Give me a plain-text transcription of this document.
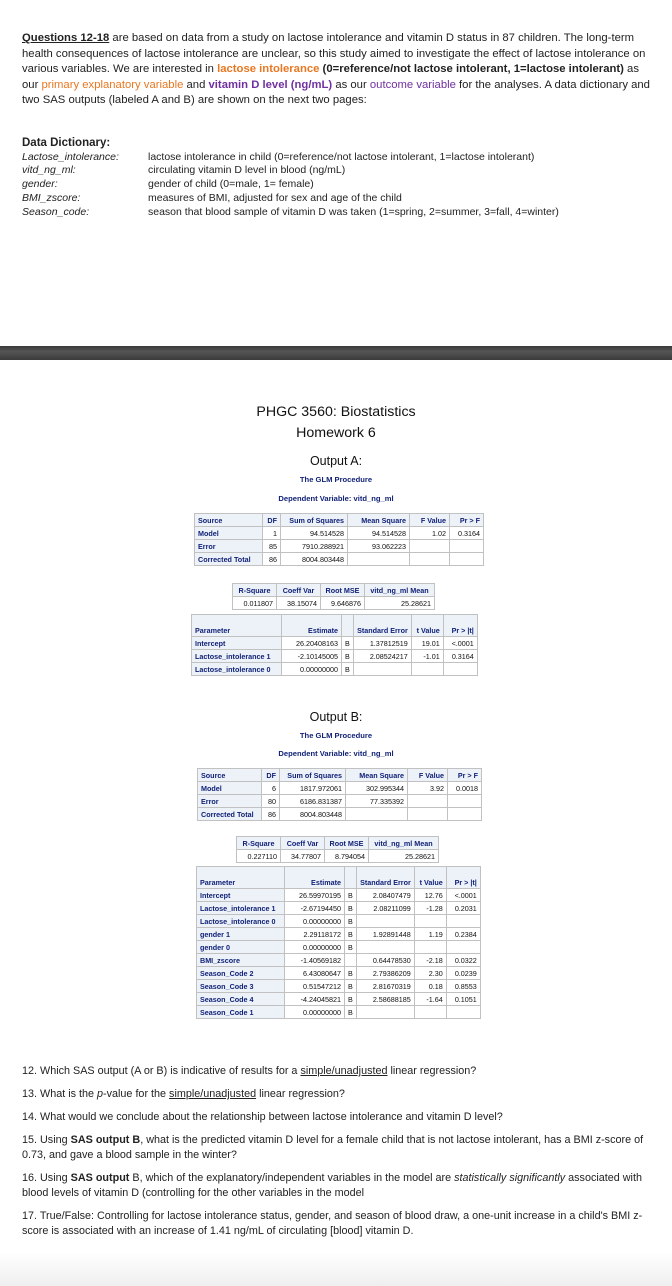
Questions 12-18 are based on data from a study on lactose intolerance and vitamin D status in 87 children. The long-term health consequences of lactose intolerance are unclear, so this study aimed to investigate the effect of lactose intolerance on various variables. We are interested in lactose intolerance (0=reference/not lactose intolerant, 1=lactose intolerant) as our primary explanatory variable and vitamin D level (ng/mL) as our outcome variable for the analyses. A data dictionary and two SAS outputs (labeled A and B) are shown on the next two pages:
Data Dictionary:
Lactose_intolerance:	lactose intolerance in child (0=reference/not lactose intolerant, 1=lactose intolerant)
vitd_ng_ml:	circulating vitamin D level in blood (ng/mL)
gender:	gender of child (0=male, 1= female)
BMI_zscore:	measures of BMI, adjusted for sex and age of the child
Season_code:	season that blood sample of vitamin D was taken (1=spring, 2=summer, 3=fall, 4=winter)
PHGC 3560: Biostatistics
Homework 6
Output A:
The GLM Procedure
Dependent Variable: vitd_ng_ml
Source	DF	Sum of Squares	Mean Square	F Value	Pr > F
Model	1	94.514528	94.514528	1.02	0.3164
Error	85	7910.288921	93.062223		
Corrected Total	86	8004.803448			
R-Square	Coeff Var	Root MSE	vitd_ng_ml Mean
0.011807	38.15074	9.646876	25.28621
Parameter	Estimate		Standard Error	t Value	Pr > |t|
Intercept	26.20408163	B	1.37812519	19.01	<.0001
Lactose_intolerance 1	-2.10145005	B	2.08524217	-1.01	0.3164
Lactose_intolerance 0	0.00000000	B			
Output B:
The GLM Procedure
Dependent Variable: vitd_ng_ml
Source	DF	Sum of Squares	Mean Square	F Value	Pr > F
Model	6	1817.972061	302.995344	3.92	0.0018
Error	80	6186.831387	77.335392		
Corrected Total	86	8004.803448			
R-Square	Coeff Var	Root MSE	vitd_ng_ml Mean
0.227110	34.77807	8.794054	25.28621
Parameter	Estimate		Standard Error	t Value	Pr > |t|
Intercept	26.59970195	B	2.08407479	12.76	<.0001
Lactose_intolerance 1	-2.67194450	B	2.08211099	-1.28	0.2031
Lactose_intolerance 0	0.00000000	B			
gender 1	2.29118172	B	1.92891448	1.19	0.2384
gender 0	0.00000000	B			
BMI_zscore	-1.40569182		0.64478530	-2.18	0.0322
Season_Code 2	6.43080647	B	2.79386209	2.30	0.0239
Season_Code 3	0.51547212	B	2.81670319	0.18	0.8553
Season_Code 4	-4.24045821	B	2.58688185	-1.64	0.1051
Season_Code 1	0.00000000	B			
12. Which SAS output (A or B) is indicative of results for a simple/unadjusted linear regression?
13. What is the p-value for the simple/unadjusted linear regression?
14. What would we conclude about the relationship between lactose intolerance and vitamin D level?
15. Using SAS output B, what is the predicted vitamin D level for a female child that is not lactose intolerant, has a BMI z-score of 0.73, and gave a blood sample in the winter?
16. Using SAS output B, which of the explanatory/independent variables in the model are statistically significantly associated with blood levels of vitamin D (controlling for the other variables in the model
17. True/False: Controlling for lactose intolerance status, gender, and season of blood draw, a one-unit increase in a child's BMI z-score is associated with an increase of 1.41 ng/mL of circulating [blood] vitamin D.
